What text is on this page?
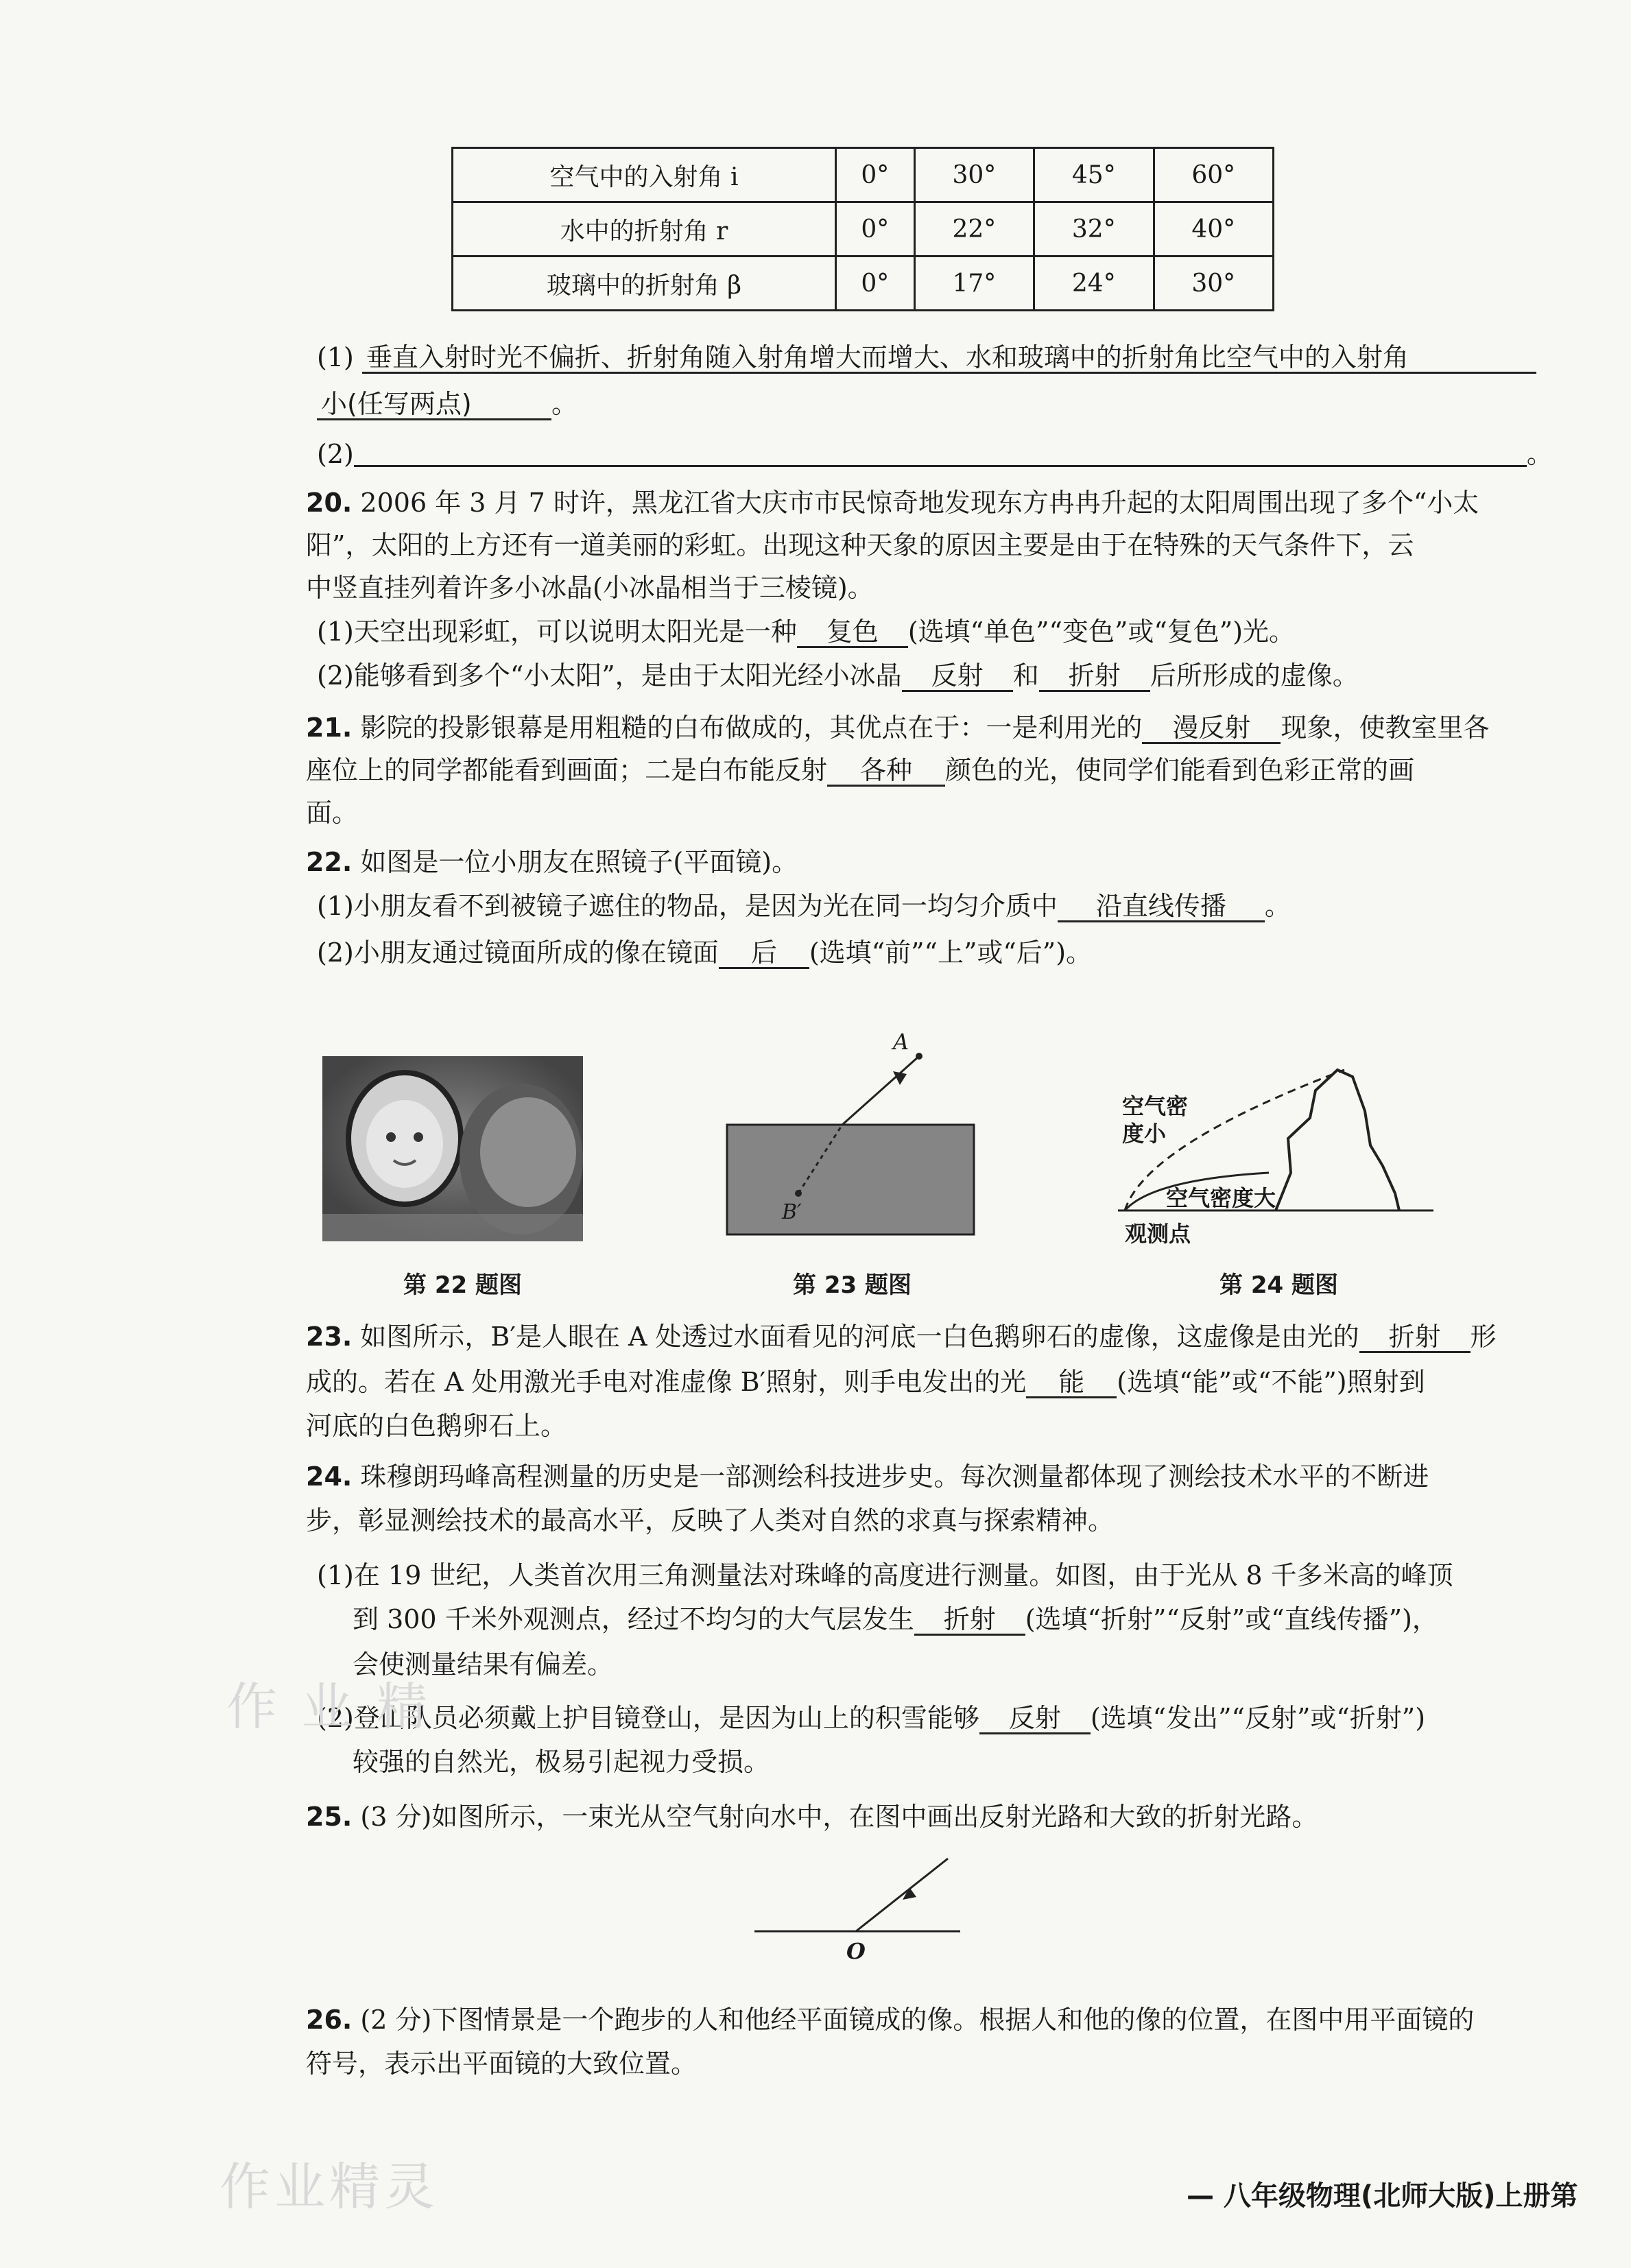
空气中的入射角 i	0°	30°	45°	60°
水中的折射角 r	0°	22°	32°	40°
玻璃中的折射角 β	0°	17°	24°	30°
(1) 垂直入射时光不偏折、折射角随入射角增大而增大、水和玻璃中的折射角比空气中的入射角
小(任写两点)	。
(2)	。
20. 2006 年 3 月 7 时许，黑龙江省大庆市市民惊奇地发现东方冉冉升起的太阳周围出现了多个“小太
阳”，太阳的上方还有一道美丽的彩虹。出现这种天象的原因主要是由于在特殊的天气条件下，云
中竖直挂列着许多小冰晶(小冰晶相当于三棱镜)。
(1)天空出现彩虹，可以说明太阳光是一种 复色 (选填“单色”“变色”或“复色”)光。
(2)能够看到多个“小太阳”，是由于太阳光经小冰晶 反射 和 折射 后所形成的虚像。
21. 影院的投影银幕是用粗糙的白布做成的，其优点在于：一是利用光的 漫反射 现象，使教室里各
座位上的同学都能看到画面；二是白布能反射 各种 颜色的光，使同学们能看到色彩正常的画
面。
22. 如图是一位小朋友在照镜子(平面镜)。
(1)小朋友看不到被镜子遮住的物品，是因为光在同一均匀介质中 沿直线传播 。
(2)小朋友通过镜面所成的像在镜面 后 (选填“前”“上”或“后”)。
A
B′
空气密
度小
空气密度大
观测点
第 22 题图	第 23 题图	第 24 题图
23. 如图所示，B′是人眼在 A 处透过水面看见的河底一白色鹅卵石的虚像，这虚像是由光的 折射 形
成的。若在 A 处用激光手电对准虚像 B′照射，则手电发出的光 能 (选填“能”或“不能”)照射到
河底的白色鹅卵石上。
24. 珠穆朗玛峰高程测量的历史是一部测绘科技进步史。每次测量都体现了测绘技术水平的不断进
步，彰显测绘技术的最高水平，反映了人类对自然的求真与探索精神。
(1)在 19 世纪，人类首次用三角测量法对珠峰的高度进行测量。如图，由于光从 8 千多米高的峰顶
到 300 千米外观测点，经过不均匀的大气层发生 折射 (选填“折射”“反射”或“直线传播”)，
会使测量结果有偏差。
(2)登山队员必须戴上护目镜登山，是因为山上的积雪能够 反射 (选填“发出”“反射”或“折射”)
较强的自然光，极易引起视力受损。
25. (3 分)如图所示，一束光从空气射向水中，在图中画出反射光路和大致的折射光路。
O
26. (2 分)下图情景是一个跑步的人和他经平面镜成的像。根据人和他的像的位置，在图中用平面镜的
符号，表示出平面镜的大致位置。
作 业 精
作业精灵	— 八年级物理(北师大版)上册第
